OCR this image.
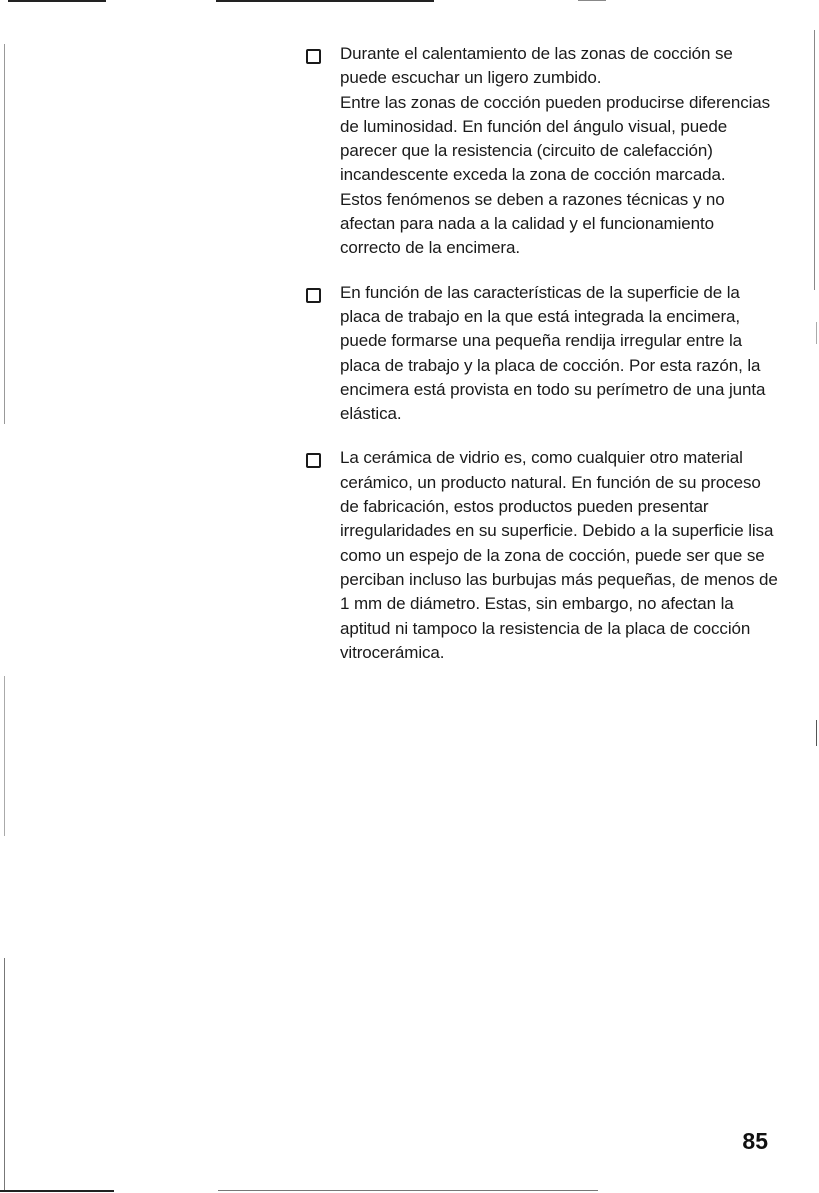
Durante el calentamiento de las zonas de cocción se puede escuchar un ligero zumbido.

Entre las zonas de cocción pueden producirse diferencias de luminosidad. En función del ángulo visual, puede parecer que la resistencia (circuito de calefacción) incandescente exceda la zona de cocción marcada.

Estos fenómenos se deben a razones técnicas y no afectan para nada a la calidad y el funcionamiento correcto de la encimera.

En función de las características de la superficie de la placa de trabajo en la que está integrada la encimera, puede formarse una pequeña rendija irregular entre la placa de trabajo y la placa de cocción. Por esta razón, la encimera está provista en todo su perímetro de una junta elástica.

La cerámica de vidrio es, como cualquier otro material cerámico, un producto natural. En función de su proceso de fabricación, estos productos pueden presentar irregularidades en su superficie. Debido a la superficie lisa como un espejo de la zona de cocción, puede ser que se perciban incluso las burbujas más pequeñas, de menos de 1 mm de diámetro. Estas, sin embargo, no afectan la aptitud ni tampoco la resistencia de la placa de cocción vitrocerámica.

85
